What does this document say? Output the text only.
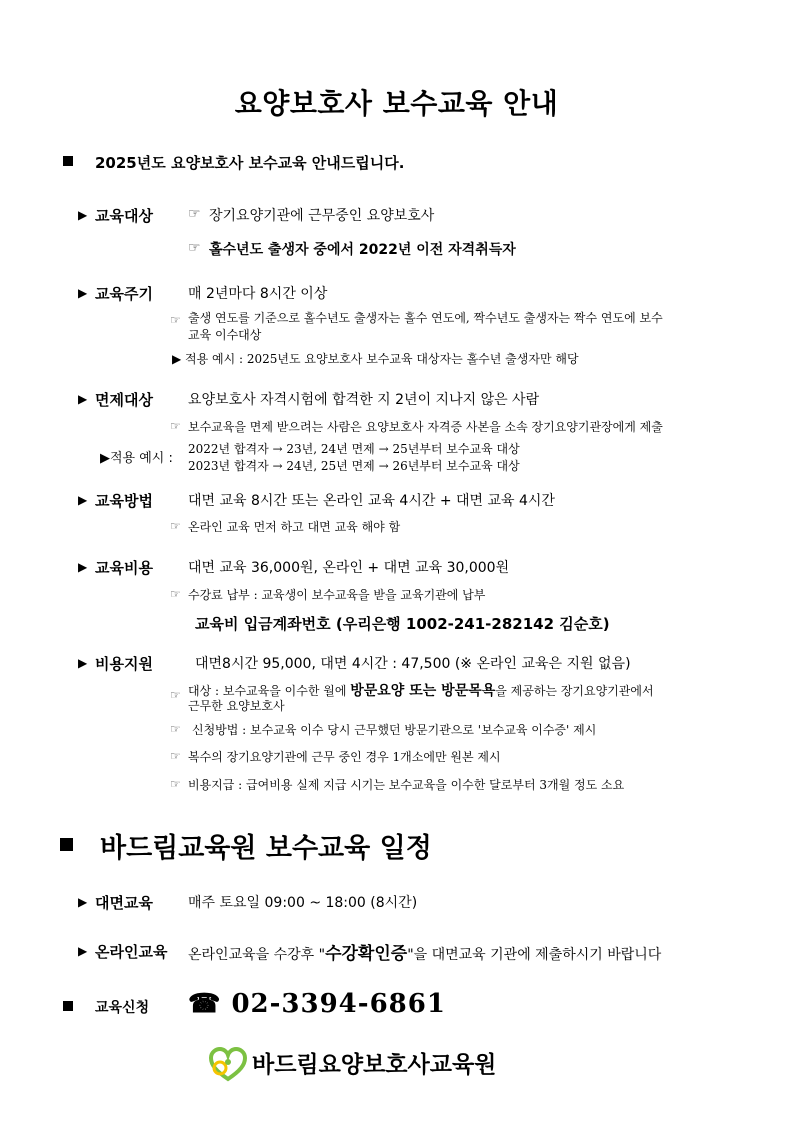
요양보호사 보수교육 안내
2025년도 요양보호사 보수교육 안내드립니다.
▶ 교육대상	☞ 장기요양기관에 근무중인 요양보호사
☞ 홀수년도 출생자 중에서 2022년 이전 자격취득자
▶ 교육주기	매 2년마다 8시간 이상
☞ 출생 연도를 기준으로 홀수년도 출생자는 홀수 연도에, 짝수년도 출생자는 짝수 연도에 보수
교육 이수대상
▶ 적용 예시 : 2025년도 요양보호사 보수교육 대상자는 홀수년 출생자만 해당
▶ 면제대상	요양보호사 자격시험에 합격한 지 2년이 지나지 않은 사람
☞ 보수교육을 면제 받으려는 사람은 요양보호사 자격증 사본을 소속 장기요양기관장에게 제출
▶적용 예시 :
2022년 합격자 → 23년, 24년 면제 → 25년부터 보수교육 대상
2023년 합격자 → 24년, 25년 면제 → 26년부터 보수교육 대상
▶ 교육방법	대면 교육 8시간 또는 온라인 교육 4시간 + 대면 교육 4시간
☞ 온라인 교육 먼저 하고 대면 교육 해야 함
▶ 교육비용	대면 교육 36,000원, 온라인 + 대면 교육 30,000원
☞ 수강료 납부 : 교육생이 보수교육을 받을 교육기관에 납부
교육비 입금계좌번호 (우리은행 1002-241-282142 김순호)
▶ 비용지원	대면8시간 95,000, 대면 4시간 : 47,500 (※ 온라인 교육은 지원 없음)
☞ 대상 : 보수교육을 이수한 월에 방문요양 또는 방문목욕을 제공하는 장기요양기관에서
근무한 요양보호사
☞ 신청방법 : 보수교육 이수 당시 근무했던 방문기관으로 '보수교육 이수증' 제시
☞ 복수의 장기요양기관에 근무 중인 경우 1개소에만 원본 제시
☞ 비용지급 : 급여비용 실제 지급 시기는 보수교육을 이수한 달로부터 3개월 정도 소요
바드림교육원 보수교육 일정
▶ 대면교육	매주 토요일 09:00 ~ 18:00 (8시간)
▶ 온라인교육 온라인교육을 수강후 "수강확인증"을 대면교육 기관에 제출하시기 바랍니다
교육신청 ☎ 02-3394-6861
바드림요양보호사교육원
